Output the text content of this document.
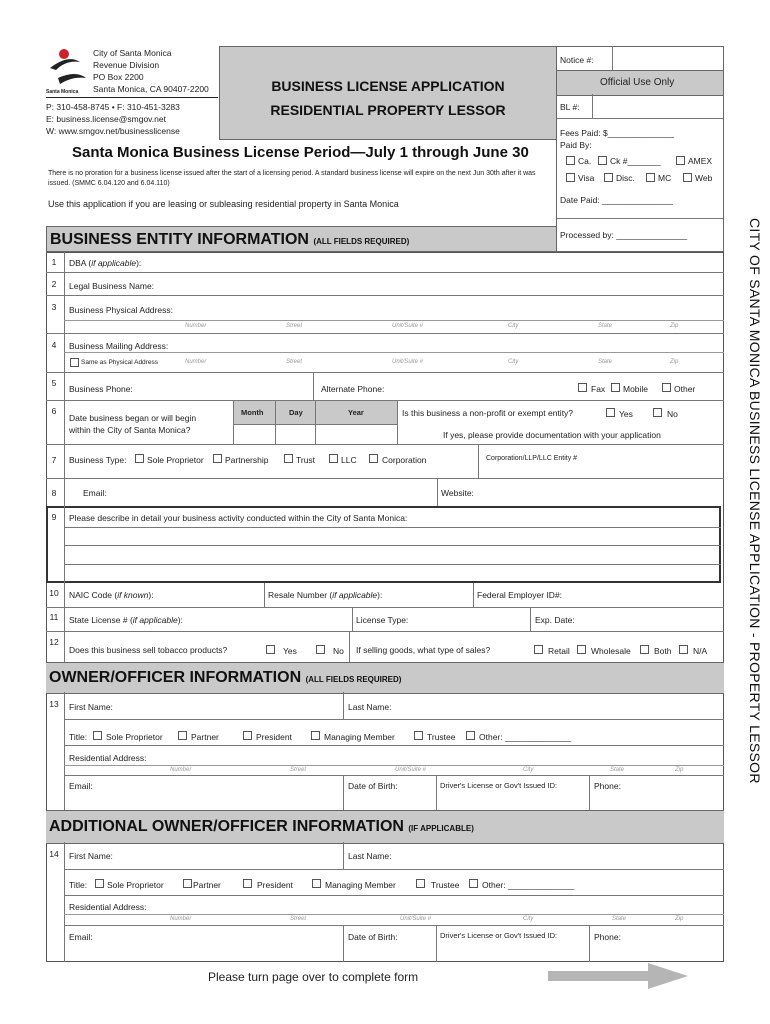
Santa Monica
City of Santa Monica
Revenue Division
PO Box 2200
Santa Monica, CA 90407-2200
P: 310-458-8745 • F: 310-451-3283
E: business.license@smgov.net
W: www.smgov.net/businesslicense
BUSINESS LICENSE APPLICATION
RESIDENTIAL PROPERTY LESSOR
Notice #:
Official Use Only
BL #:
Fees Paid: $______________
Paid By:
Ca. Ck #_______	AMEX
Visa	Disc.	MC	Web
Date Paid: _______________
Processed by: _______________
Santa Monica Business License Period—July 1 through June 30
There is no proration for a business license issued after the start of a licensing period. A standard business license will expire on the next Jun 30th after it was issued. (SMMC 6.04.120 and 6.04.110)
Use this application if you are leasing or subleasing residential property in Santa Monica
CITY OF SANTA MONICA BUSINESS LICENSE APPLICATION - PROPERTY LESSOR
BUSINESS ENTITY INFORMATION (ALL FIELDS REQUIRED)
1	DBA (if applicable):
2	Legal Business Name:
3	Business Physical Address:
Number	Street	Unit/Suite #	City	State	Zip
4	Business Mailing Address:
Same as Physical Address	Number	Street	Unit/Suite #	City	State	Zip
5
Business Phone:	Alternate Phone:	Fax Mobile	Other
6
Date business began or will begin
within the City of Santa Monica?
Month	Day	Year	Is this business a non-profit or exempt entity?	Yes	No
If yes, please provide documentation with your application
7	Business Type: Sole Proprietor	Partnership	Trust	LLC	Corporation	Corporation/LLP/LLC Entity #
8	Email:	Website:
9	Please describe in detail your business activity conducted within the City of Santa Monica:
10	NAIC Code (if known):	Resale Number (if applicable):	Federal Employer ID#:
11	State License # (if applicable):	License Type:	Exp. Date:
12
Does this business sell tobacco products?	Yes	No If selling goods, what type of sales?	Retail	Wholesale	Both	N/A
OWNER/OFFICER INFORMATION (ALL FIELDS REQUIRED)
13	First Name:	Last Name:
Title: Sole Proprietor	Partner	President	Managing Member	Trustee	Other: ______________
Residential Address:
Number	Street	Unit/Suite #	City	State	Zip
Email:	Date of Birth:	Driver's License or Gov't Issued ID:	Phone:
ADDITIONAL OWNER/OFFICER INFORMATION (IF APPLICABLE)
14	First Name:	Last Name:
Title: Sole Proprietor	Partner	President	Managing Member	Trustee	Other: ______________
Residential Address:
Number	Street	Unit/Suite #	City	State	Zip
Email:	Date of Birth:	Driver's License or Gov't Issued ID:	Phone:
Please turn page over to complete form
